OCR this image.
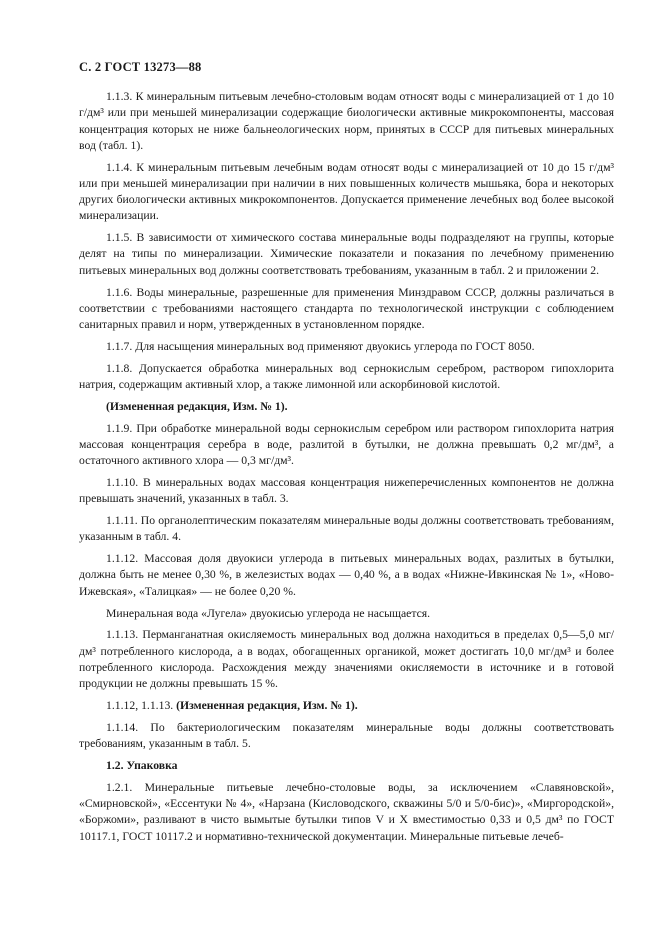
С. 2 ГОСТ 13273—88

1.1.3. К минеральным питьевым лечебно-столовым водам относят воды с минерализацией от 1 до 10 г/дм³ или при меньшей минерализации содержащие биологически активные микрокомпоненты, массовая концентрация которых не ниже бальнеологических норм, принятых в СССР для питьевых минеральных вод (табл. 1).

1.1.4. К минеральным питьевым лечебным водам относят воды с минерализацией от 10 до 15 г/дм³ или при меньшей минерализации при наличии в них повышенных количеств мышьяка, бора и некоторых других биологически активных микрокомпонентов. Допускается применение лечебных вод более высокой минерализации.

1.1.5. В зависимости от химического состава минеральные воды подразделяют на группы, которые делят на типы по минерализации. Химические показатели и показания по лечебному применению питьевых минеральных вод должны соответствовать требованиям, указанным в табл. 2 и приложении 2.

1.1.6. Воды минеральные, разрешенные для применения Минздравом СССР, должны различаться в соответствии с требованиями настоящего стандарта по технологической инструкции с соблюдением санитарных правил и норм, утвержденных в установленном порядке.

1.1.7. Для насыщения минеральных вод применяют двуокись углерода по ГОСТ 8050.

1.1.8. Допускается обработка минеральных вод сернокислым серебром, раствором гипохлорита натрия, содержащим активный хлор, а также лимонной или аскорбиновой кислотой.

(Измененная редакция, Изм. № 1).

1.1.9. При обработке минеральной воды сернокислым серебром или раствором гипохлорита натрия массовая концентрация серебра в воде, разлитой в бутылки, не должна превышать 0,2 мг/дм³, а остаточного активного хлора — 0,3 мг/дм³.

1.1.10. В минеральных водах массовая концентрация нижеперечисленных компонентов не должна превышать значений, указанных в табл. 3.

1.1.11. По органолептическим показателям минеральные воды должны соответствовать требованиям, указанным в табл. 4.

1.1.12. Массовая доля двуокиси углерода в питьевых минеральных водах, разлитых в бутылки, должна быть не менее 0,30 %, в железистых водах — 0,40 %, а в водах «Нижне-Ивкинская № 1», «Ново-Ижевская», «Талицкая» — не более 0,20 %.

Минеральная вода «Лугела» двуокисью углерода не насыщается.

1.1.13. Перманганатная окисляемость минеральных вод должна находиться в пределах 0,5—5,0 мг/дм³ потребленного кислорода, а в водах, обогащенных органикой, может достигать 10,0 мг/дм³ и более потребленного кислорода. Расхождения между значениями окисляемости в источнике и в готовой продукции не должны превышать 15 %.

1.1.12, 1.1.13. (Измененная редакция, Изм. № 1).

1.1.14. По бактериологическим показателям минеральные воды должны соответствовать требованиям, указанным в табл. 5.

1.2. Упаковка

1.2.1. Минеральные питьевые лечебно-столовые воды, за исключением «Славяновской», «Смирновской», «Ессентуки № 4», «Нарзана (Кисловодского, скважины 5/0 и 5/0-бис)», «Миргородской», «Боржоми», разливают в чисто вымытые бутылки типов V и X вместимостью 0,33 и 0,5 дм³ по ГОСТ 10117.1, ГОСТ 10117.2 и нормативно-технической документации. Минеральные питьевые лечеб-
